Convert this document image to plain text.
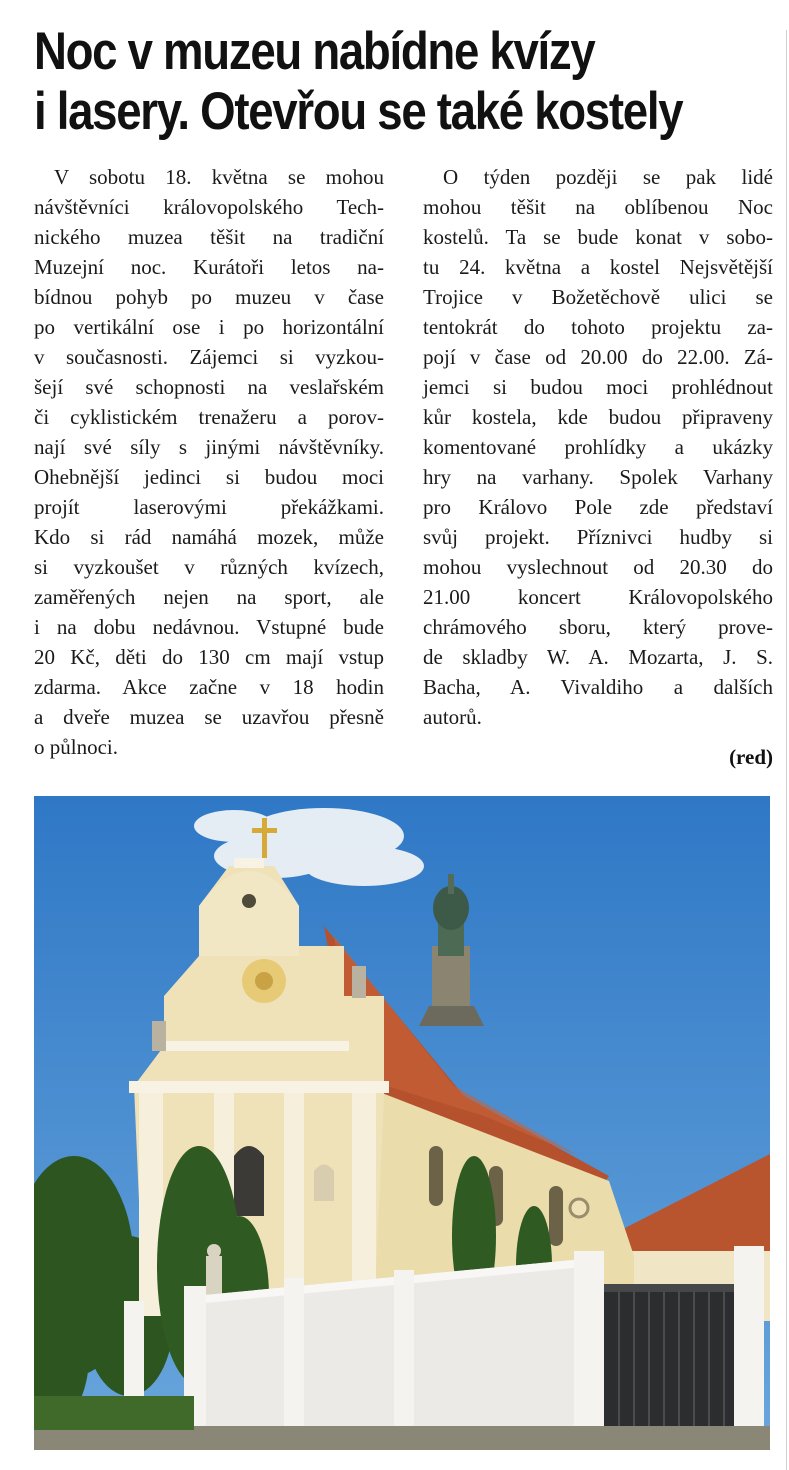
Noc v muzeu nabídne kvízy
i lasery. Otevřou se také kostely
V sobotu 18. května se mohou
návštěvníci královopolského Tech-
nického muzea těšit na tradiční
Muzejní noc. Kurátoři letos na-
bídnou pohyb po muzeu v čase
po vertikální ose i po horizontální
v současnosti. Zájemci si vyzkou-
šejí své schopnosti na veslařském
či cyklistickém trenažeru a porov-
nají své síly s jinými návštěvníky.
Ohebnější jedinci si budou moci
projít laserovými překážkami.
Kdo si rád namáhá mozek, může
si vyzkoušet v různých kvízech,
zaměřených nejen na sport, ale
i na dobu nedávnou. Vstupné bude
20 Kč, děti do 130 cm mají vstup
zdarma. Akce začne v 18 hodin
a dveře muzea se uzavřou přesně
o půlnoci.
O týden později se pak lidé
mohou těšit na oblíbenou Noc
kostelů. Ta se bude konat v sobo-
tu 24. května a kostel Nejsvětější
Trojice v Božetěchově ulici se
tentokrát do tohoto projektu za-
pojí v čase od 20.00 do 22.00. Zá-
jemci si budou moci prohlédnout
kůr kostela, kde budou připraveny
komentované prohlídky a ukázky
hry na varhany. Spolek Varhany
pro Královo Pole zde představí
svůj projekt. Příznivci hudby si
mohou vyslechnout od 20.30 do
21.00 koncert Královopolského
chrámového sboru, který prove-
de skladby W. A. Mozarta, J. S.
Bacha, A. Vivaldiho a dalších
autorů.
(red)
